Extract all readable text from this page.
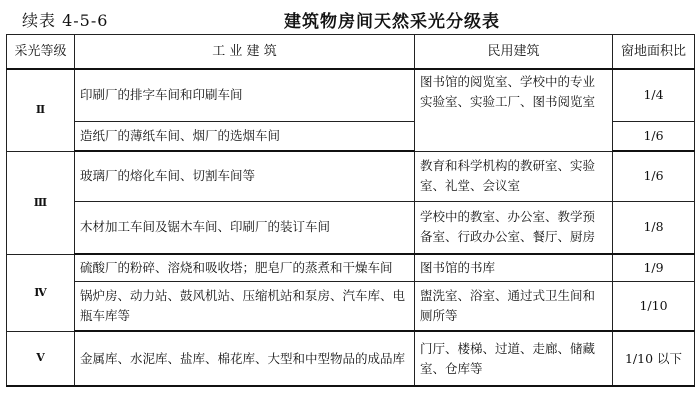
续表 4-5-6	建筑物房间天然采光分级表
采光等级	工 业 建 筑	民用建筑	窗地面积比
Ⅱ	印刷厂的排字车间和印刷车间	图书馆的阅览室、学校中的专业实验室、实验工厂、图书阅览室	1/4
	造纸厂的薄纸车间、烟厂的选烟车间		1/6
Ⅲ	玻璃厂的熔化车间、切割车间等	教育和科学机构的教研室、实验室、礼堂、会议室	1/6
	木材加工车间及锯木车间、印刷厂的装订车间	学校中的教室、办公室、教学预备室、行政办公室、餐厅、厨房	1/8
Ⅳ	硫酸厂的粉碎、溶烧和吸收塔；肥皂厂的蒸煮和干燥车间	图书馆的书库	1/9
	锅炉房、动力站、鼓风机站、压缩机站和泵房、汽车库、电瓶车库等	盥洗室、浴室、通过式卫生间和厕所等	1/10
Ⅴ	金属库、水泥库、盐库、棉花库、大型和中型物品的成品库	门厅、楼梯、过道、走廊、储藏室、仓库等	1/10 以下
